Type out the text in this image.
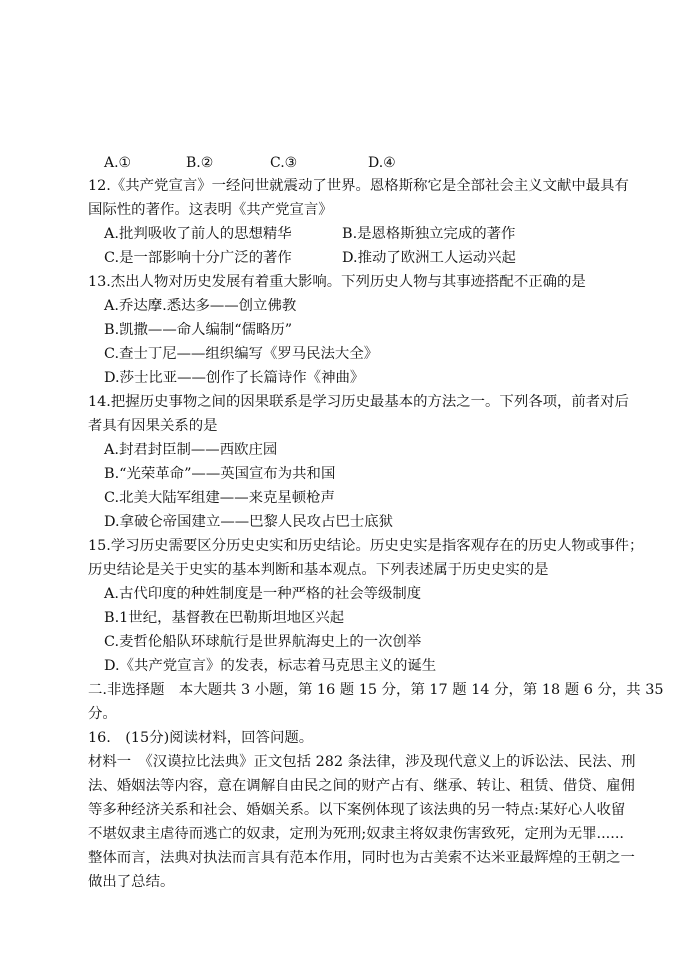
A.①	B.②	C.③	D.④
12.《共产党宣言》一经问世就震动了世界。恩格斯称它是全部社会主义文献中最具有
国际性的著作。这表明《共产党宣言》
A.批判吸收了前人的思想精华	B.是恩格斯独立完成的著作
C.是一部影响十分广泛的著作	D.推动了欧洲工人运动兴起
13.杰出人物对历史发展有着重大影响。下列历史人物与其事迹搭配不正确的是
A.乔达摩.悉达多——创立佛教
B.凯撒——命人编制“儒略历”
C.查士丁尼——组织编写《罗马民法大全》
D.莎士比亚——创作了长篇诗作《神曲》
14.把握历史事物之间的因果联系是学习历史最基本的方法之一。下列各项，前者对后
者具有因果关系的是
A.封君封臣制——西欧庄园
B.“光荣革命”——英国宣布为共和国
C.北美大陆军组建——来克星顿枪声
D.拿破仑帝国建立——巴黎人民攻占巴士底狱
15.学习历史需要区分历史史实和历史结论。历史史实是指客观存在的历史人物或事件；
历史结论是关于史实的基本判断和基本观点。下列表述属于历史史实的是
A.古代印度的种姓制度是一种严格的社会等级制度
B.1世纪，基督教在巴勒斯坦地区兴起
C.麦哲伦船队环球航行是世界航海史上的一次创举
D.《共产党宣言》的发表，标志着马克思主义的诞生
二.非选择题　本大题共 3 小题，第 16 题 15 分，第 17 题 14 分，第 18 题 6 分，共 35
分。
16.　(15分)阅读材料，回答问题。
材料一　《汉谟拉比法典》正文包括 282 条法律，涉及现代意义上的诉讼法、民法、刑
法、婚姻法等内容，意在调解自由民之间的财产占有、继承、转让、租赁、借贷、雇佣
等多种经济关系和社会、婚姻关系。以下案例体现了该法典的另一特点:某好心人收留
不堪奴隶主虐待而逃亡的奴隶，定刑为死刑;奴隶主将奴隶伤害致死，定刑为无罪......
整体而言，法典对执法而言具有范本作用，同时也为古美索不达米亚最辉煌的王朝之一
做出了总结。
